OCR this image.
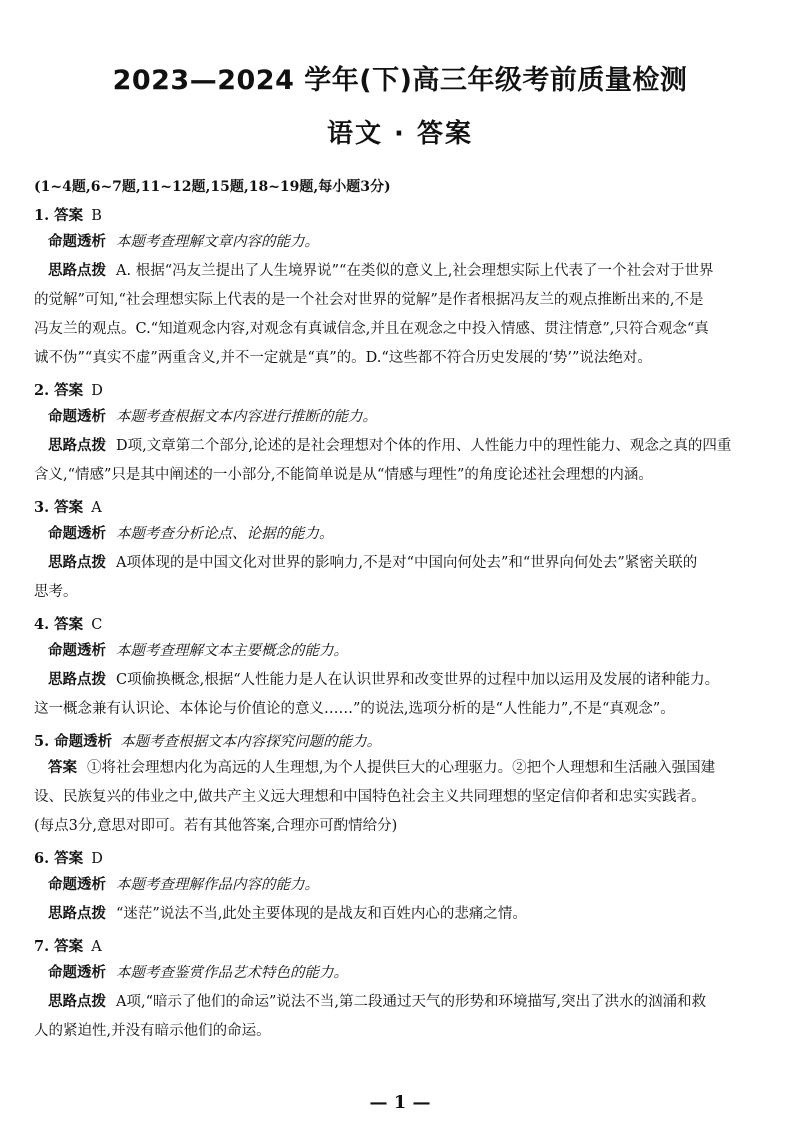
2023—2024 学年(下)高三年级考前质量检测
语文 · 答案
(1~4题,6~7题,11~12题,15题,18~19题,每小题3分)
1. 答案 B
命题透析 本题考查理解文章内容的能力。
思路点拨 A. 根据“冯友兰提出了人生境界说”“在类似的意义上,社会理想实际上代表了一个社会对于世界
的觉解”可知,“社会理想实际上代表的是一个社会对世界的觉解”是作者根据冯友兰的观点推断出来的,不是
冯友兰的观点。C.“知道观念内容,对观念有真诚信念,并且在观念之中投入情感、贯注情意”,只符合观念“真
诚不伪”“真实不虚”两重含义,并不一定就是“真”的。D.“这些都不符合历史发展的‘势’”说法绝对。
2. 答案 D
命题透析 本题考查根据文本内容进行推断的能力。
思路点拨 D项,文章第二个部分,论述的是社会理想对个体的作用、人性能力中的理性能力、观念之真的四重
含义,“情感”只是其中阐述的一小部分,不能简单说是从“情感与理性”的角度论述社会理想的内涵。
3. 答案 A
命题透析 本题考查分析论点、论据的能力。
思路点拨 A项体现的是中国文化对世界的影响力,不是对“中国向何处去”和“世界向何处去”紧密关联的
思考。
4. 答案 C
命题透析 本题考查理解文本主要概念的能力。
思路点拨 C项偷换概念,根据“人性能力是人在认识世界和改变世界的过程中加以运用及发展的诸种能力。
这一概念兼有认识论、本体论与价值论的意义……”的说法,选项分析的是“人性能力”,不是“真观念”。
5. 命题透析 本题考查根据文本内容探究问题的能力。
答案 ①将社会理想内化为高远的人生理想,为个人提供巨大的心理驱力。②把个人理想和生活融入强国建
设、民族复兴的伟业之中,做共产主义远大理想和中国特色社会主义共同理想的坚定信仰者和忠实实践者。
(每点3分,意思对即可。若有其他答案,合理亦可酌情给分)
6. 答案 D
命题透析 本题考查理解作品内容的能力。
思路点拨 “迷茫”说法不当,此处主要体现的是战友和百姓内心的悲痛之情。
7. 答案 A
命题透析 本题考查鉴赏作品艺术特色的能力。
思路点拨 A项,“暗示了他们的命运”说法不当,第二段通过天气的形势和环境描写,突出了洪水的汹涌和救
人的紧迫性,并没有暗示他们的命运。
— 1 —
